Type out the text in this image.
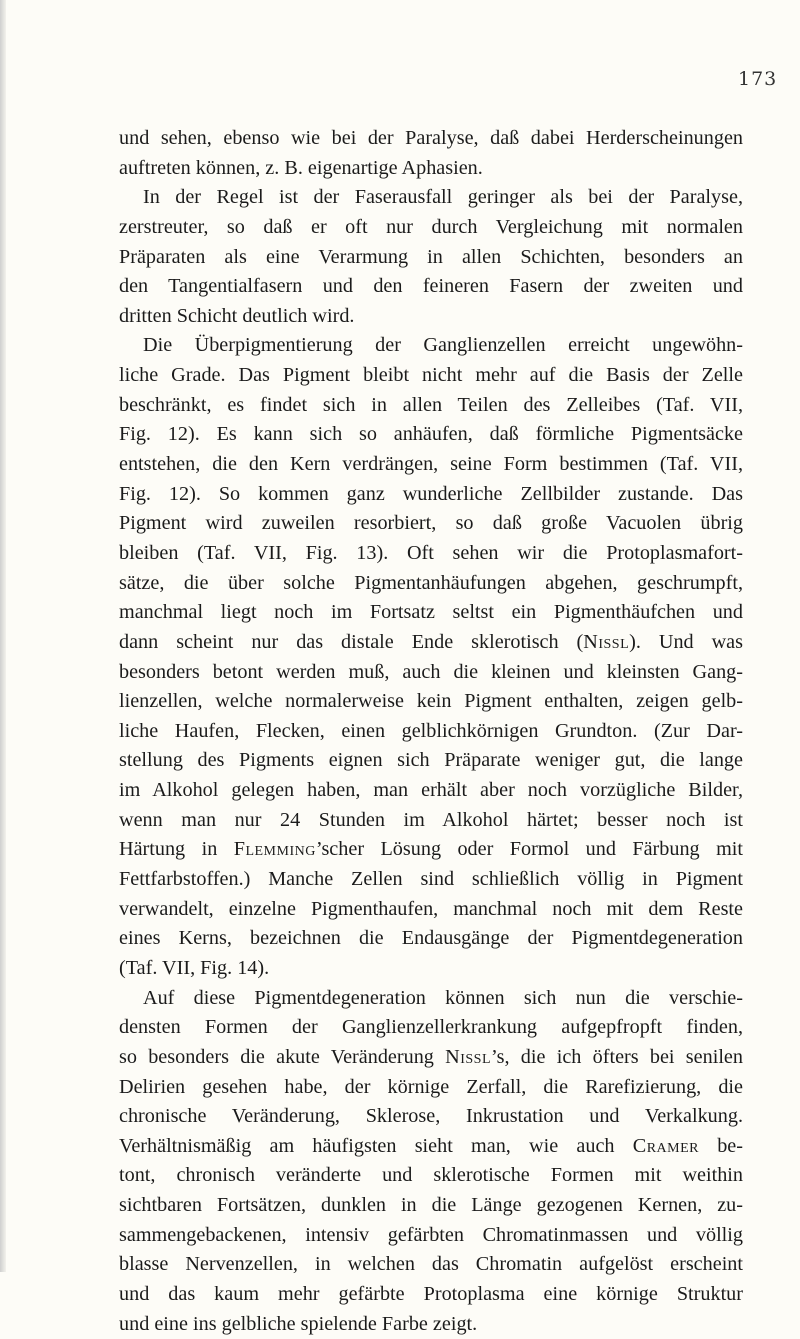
173
und sehen, ebenso wie bei der Paralyse, daß dabei Herderscheinungen
auftreten können, z. B. eigenartige Aphasien.
In der Regel ist der Faserausfall geringer als bei der Paralyse,
zerstreuter, so daß er oft nur durch Vergleichung mit normalen
Präparaten als eine Verarmung in allen Schichten, besonders an
den Tangentialfasern und den feineren Fasern der zweiten und
dritten Schicht deutlich wird.
Die Überpigmentierung der Ganglienzellen erreicht ungewöhn-
liche Grade. Das Pigment bleibt nicht mehr auf die Basis der Zelle
beschränkt, es findet sich in allen Teilen des Zelleibes (Taf. VII,
Fig. 12). Es kann sich so anhäufen, daß förmliche Pigmentsäcke
entstehen, die den Kern verdrängen, seine Form bestimmen (Taf. VII,
Fig. 12). So kommen ganz wunderliche Zellbilder zustande. Das
Pigment wird zuweilen resorbiert, so daß große Vacuolen übrig
bleiben (Taf. VII, Fig. 13). Oft sehen wir die Protoplasmafort-
sätze, die über solche Pigmentanhäufungen abgehen, geschrumpft,
manchmal liegt noch im Fortsatz seltst ein Pigmenthäufchen und
dann scheint nur das distale Ende sklerotisch (Nissl). Und was
besonders betont werden muß, auch die kleinen und kleinsten Gang-
lienzellen, welche normalerweise kein Pigment enthalten, zeigen gelb-
liche Haufen, Flecken, einen gelblichkörnigen Grundton. (Zur Dar-
stellung des Pigments eignen sich Präparate weniger gut, die lange
im Alkohol gelegen haben, man erhält aber noch vorzügliche Bilder,
wenn man nur 24 Stunden im Alkohol härtet; besser noch ist
Härtung in Flemming’scher Lösung oder Formol und Färbung mit
Fettfarbstoffen.) Manche Zellen sind schließlich völlig in Pigment
verwandelt, einzelne Pigmenthaufen, manchmal noch mit dem Reste
eines Kerns, bezeichnen die Endausgänge der Pigmentdegeneration
(Taf. VII, Fig. 14).
Auf diese Pigmentdegeneration können sich nun die verschie-
densten Formen der Ganglienzellerkrankung aufgepfropft finden,
so besonders die akute Veränderung Nissl’s, die ich öfters bei senilen
Delirien gesehen habe, der körnige Zerfall, die Rarefizierung, die
chronische Veränderung, Sklerose, Inkrustation und Verkalkung.
Verhältnismäßig am häufigsten sieht man, wie auch Cramer be-
tont, chronisch veränderte und sklerotische Formen mit weithin
sichtbaren Fortsätzen, dunklen in die Länge gezogenen Kernen, zu-
sammengebackenen, intensiv gefärbten Chromatinmassen und völlig
blasse Nervenzellen, in welchen das Chromatin aufgelöst erscheint
und das kaum mehr gefärbte Protoplasma eine körnige Struktur
und eine ins gelbliche spielende Farbe zeigt.
